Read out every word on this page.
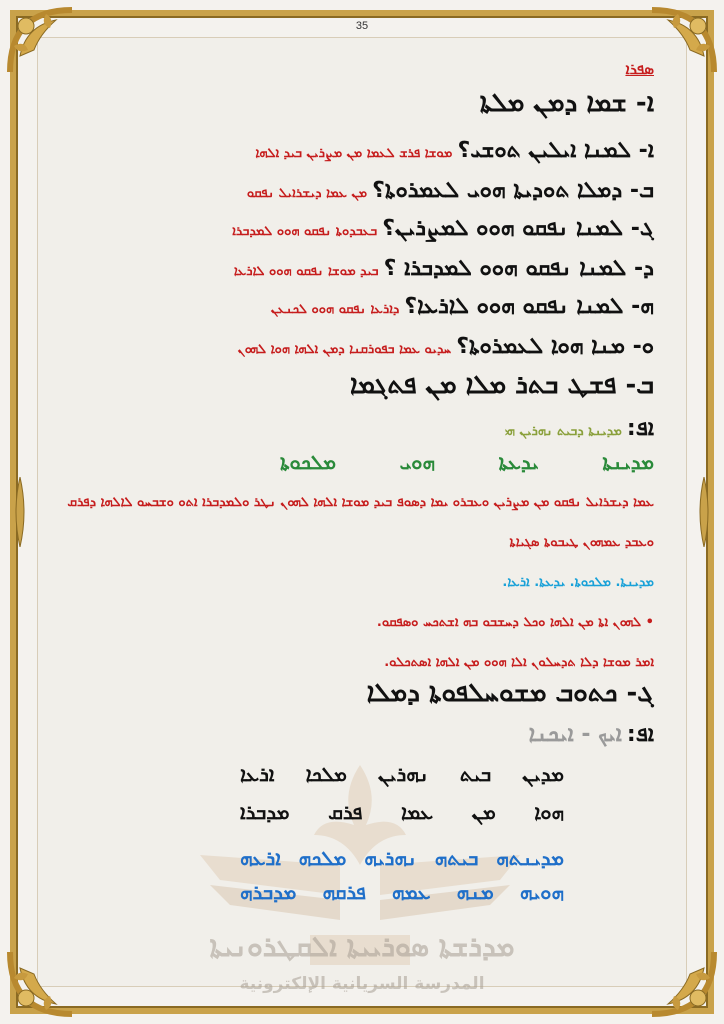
35
ܡܕܪܫܬܐ ܣܘܪܝܝܬܐ ܐܠܩܛܪܘܢܝܬܐ
المدرسة السريانية الإلكترونية
ܣܦܪܐ
ܐ- ܫܡܐ ܕܡܢ ܡܠܬܐ
ܐ- ܠܡܢܐ ܐܝܠܝܢ ܬܘܫܝ؟ ܡܘܫܐ ܦܪܫ ܠܥܡܐ ܡܢ ܡܨܪܝܢ ܒܝܕ ܐܠܗܐ
ܒ- ܕܡܠܐ ܬܘܕܝܬܐ ܗܘܝ ܠܥܡܪܘܬܐ؟ ܡܢ ܥܡܐ ܕܝܫܪܐܝܠ ܢܦܩܘ
ܓ- ܠܡܢܐ ܢܦܩܘ ܗܘܘ ܠܡܨܪܝܢ؟ ܒܥܒܕܘܬܐ ܢܦܩܘ ܗܘܘ ܠܡܕܒܪܐ
ܕ- ܠܡܢܐ ܢܦܩܘ ܗܘܘ ܠܡܕܒܪܐ ؟ ܒܝܕ ܡܘܫܐ ܢܦܩܘ ܗܘܘ ܠܐܪܥܐ
ܗ- ܠܡܢܐ ܢܦܩܘ ܗܘܘ ܠܐܪܥܐ؟ ܕܐܪܥܐ ܢܦܩܘ ܗܘܘ ܠܟܢܥܢ
ܘ- ܡܢܐ ܗܘܐ ܠܥܡܪܘܬܐ؟ ܚܕܝܘ ܥܡܐ ܒܦܘܪܩܢܐ ܕܡܢ ܐܠܗܐ ܗܘܐ ܠܗܘܢ
ܒ- ܦܫܛ ܒܬܪ ܡܠܐ ܡܢ ܦܬܓܡܐ
ܐܦ: ܡܕܝܢܬܐ ܕܒܝܬ ܢܗܪܝܢ ܗܝ
ܡܕܝܢܬܐ
ܝܕܥܬܐ
ܗܘܝ
ܡܠܟܘܬܐ
ܥܡܐ ܕܝܫܪܐܝܠ ܢܦܩܘ ܡܢ ܡܨܪܝܢ ܘܥܒܪܘ ܝܡܐ ܕܣܘܦ ܒܝܕ ܡܘܫܐ ܐܠܗܐ ܠܗܘܢ ܢܛܪ ܘܠܡܕܒܪܐ ܐܬܘ ܘܫܒܚܘ ܠܐܠܗܐ ܕܦܪܩ
ܘܥܒܕ ܥܡܗܘܢ ܛܝܒܘܬܐ ܣܓܝܐܬܐ
ܡܕܝܢܬܐ. ܡܠܟܘܬܐ. ܝܕܥܬܐ. ܐܪܥܐ.
• ܠܗܘܢ ܐܬܐ ܡܢ ܐܠܗܐ ܘܟܠ ܕܚܫܒܘ ܒܗ ܐܫܬܟܚ ܘܣܦܩܘ.
ܐܡܪ ܡܘܫܐ ܕܠܐ ܬܕܚܠܘܢ ܐܠܐ ܗܘܘ ܡܢ ܐܠܗܐ ܐܣܬܟܠܘ.
ܓ- ܟܬܘܒ ܡܫܘܚܠܦܘܬܐ ܕܡܠܐ
ܐܦ: ܐܝܟ - ܐܝܟܢܐ
ܡܕܝܢ
ܒܝܬ
ܢܗܪܝܢ
ܡܠܟܐ
ܐܪܥܐ
ܗܘܐ
ܡܢ
ܥܡܐ
ܦܪܩ
ܡܕܒܪܐ
ܡܕܝܢܬܗ
ܒܝܬܗ
ܢܗܪܝܗ
ܡܠܟܗ
ܐܪܥܗ
ܗܘܝܗ
ܡܢܗ
ܥܡܗ
ܦܪܩܗ
ܡܕܒܪܗ
